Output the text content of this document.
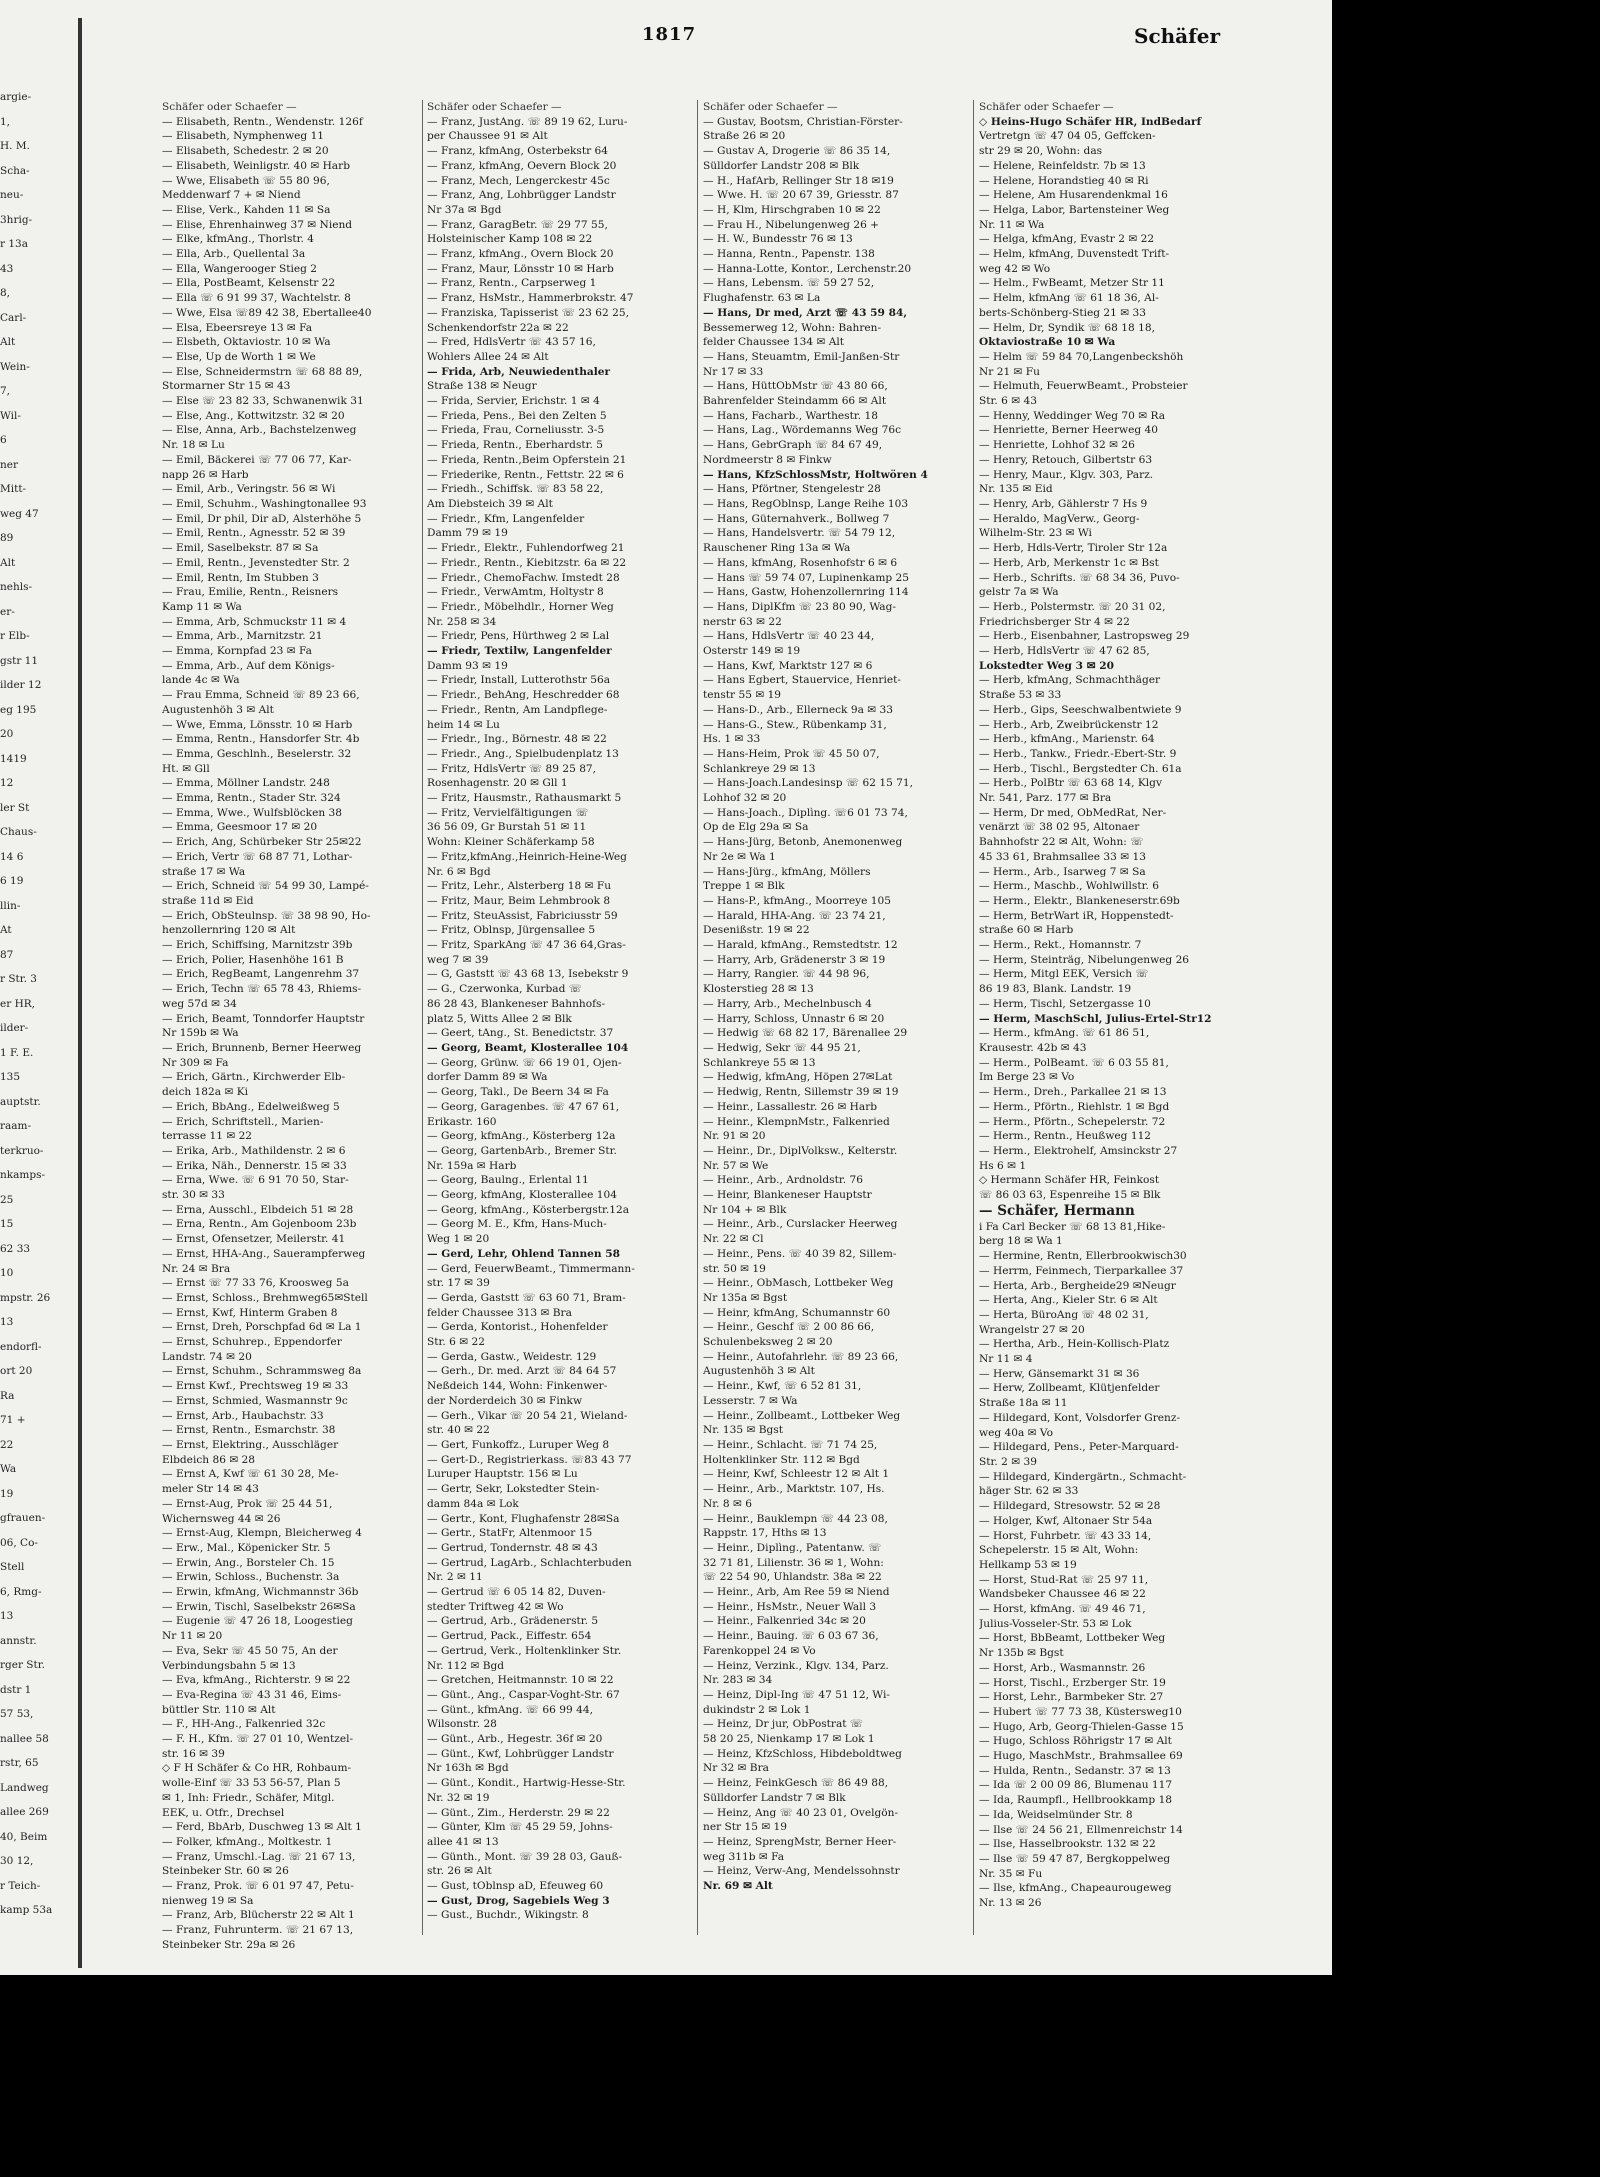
argie-
1,
H. M.
Scha-
neu-
3hrig-
r 13a
43
8,
Carl-
Alt
Wein-
7,
Wil-
6
ner
Mitt-
weg 47
89
Alt
nehls-
er-
r Elb-
gstr 11
ilder 12
eg 195
20
1419
12
ler St
Chaus-
14 6
6 19
llin-
At
87
r Str. 3
er HR,
ilder-
1 F. E.
135
auptstr.
raam-
terkruo-
nkamps-
25
15
62 33
10
mpstr. 26
13
endorfl-
ort 20
Ra
71 +
22
Wa
19
gfrauen-
06, Co-
Stell
6, Rmg-
13
annstr.
rger Str.
dstr 1
57 53,
nallee 58
rstr, 65
Landweg
allee 269
40, Beim
30 12,
r Teich-
kamp 53a
1817	Schäfer
Schäfer oder Schaefer —
— Elisabeth, Rentn., Wendenstr. 126f
— Elisabeth, Nymphenweg 11
— Elisabeth, Schedestr. 2 ✉ 20
— Elisabeth, Weinligstr. 40 ✉ Harb
— Wwe, Elisabeth ☏ 55 80 96,
Meddenwarf 7 + ✉ Niend
— Elise, Verk., Kahden 11 ✉ Sa
— Elise, Ehrenhainweg 37 ✉ Niend
— Elke, kfmAng., Thorlstr. 4
— Ella, Arb., Quellental 3a
— Ella, Wangerooger Stieg 2
— Ella, PostBeamt, Kelsenstr 22
— Ella ☏ 6 91 99 37, Wachtelstr. 8
— Wwe, Elsa ☏89 42 38, Ebertallee40
— Elsa, Ebeersreye 13 ✉ Fa
— Elsbeth, Oktaviostr. 10 ✉ Wa
— Else, Up de Worth 1 ✉ We
— Else, Schneidermstrn ☏ 68 88 89,
Stormarner Str 15 ✉ 43
— Else ☏ 23 82 33, Schwanenwik 31
— Else, Ang., Kottwitzstr. 32 ✉ 20
— Else, Anna, Arb., Bachstelzenweg
Nr. 18 ✉ Lu
— Emil, Bäckerei ☏ 77 06 77, Kar-
napp 26 ✉ Harb
— Emil, Arb., Veringstr. 56 ✉ Wi
— Emil, Schuhm., Washingtonallee 93
— Emil, Dr phil, Dir aD, Alsterhöhe 5
— Emil, Rentn., Agnesstr. 52 ✉ 39
— Emil, Saselbekstr. 87 ✉ Sa
— Emil, Rentn., Jevenstedter Str. 2
— Emil, Rentn, Im Stubben 3
— Frau, Emilie, Rentn., Reisners
Kamp 11 ✉ Wa
— Emma, Arb, Schmuckstr 11 ✉ 4
— Emma, Arb., Marnitzstr. 21
— Emma, Kornpfad 23 ✉ Fa
— Emma, Arb., Auf dem Königs-
lande 4c ✉ Wa
— Frau Emma, Schneid ☏ 89 23 66,
Augustenhöh 3 ✉ Alt
— Wwe, Emma, Lönsstr. 10 ✉ Harb
— Emma, Rentn., Hansdorfer Str. 4b
— Emma, Geschlnh., Beselerstr. 32
Ht. ✉ Gll
— Emma, Möllner Landstr. 248
— Emma, Rentn., Stader Str. 324
— Emma, Wwe., Wulfsblöcken 38
— Emma, Geesmoor 17 ✉ 20
— Erich, Ang, Schürbeker Str 25✉22
— Erich, Vertr ☏ 68 87 71, Lothar-
straße 17 ✉ Wa
— Erich, Schneid ☏ 54 99 30, Lampé-
straße 11d ✉ Eid
— Erich, ObSteulnsp. ☏ 38 98 90, Ho-
henzollernring 120 ✉ Alt
— Erich, Schiffsing, Marnitzstr 39b
— Erich, Polier, Hasenhöhe 161 B
— Erich, RegBeamt, Langenrehm 37
— Erich, Techn ☏ 65 78 43, Rhiems-
weg 57d ✉ 34
— Erich, Beamt, Tonndorfer Hauptstr
Nr 159b ✉ Wa
— Erich, Brunnenb, Berner Heerweg
Nr 309 ✉ Fa
— Erich, Gärtn., Kirchwerder Elb-
deich 182a ✉ Ki
— Erich, BbAng., Edelweißweg 5
— Erich, Schriftstell., Marien-
terrasse 11 ✉ 22
— Erika, Arb., Mathildenstr. 2 ✉ 6
— Erika, Näh., Dennerstr. 15 ✉ 33
— Erna, Wwe. ☏ 6 91 70 50, Star-
str. 30 ✉ 33
— Erna, Ausschl., Elbdeich 51 ✉ 28
— Erna, Rentn., Am Gojenboom 23b
— Ernst, Ofensetzer, Meilerstr. 41
— Ernst, HHA-Ang., Sauerampferweg
Nr. 24 ✉ Bra
— Ernst ☏ 77 33 76, Kroosweg 5a
— Ernst, Schloss., Brehmweg65✉Stell
— Ernst, Kwf, Hinterm Graben 8
— Ernst, Dreh, Porschpfad 6d ✉ La 1
— Ernst, Schuhrep., Eppendorfer
Landstr. 74 ✉ 20
— Ernst, Schuhm., Schrammsweg 8a
— Ernst Kwf., Prechtsweg 19 ✉ 33
— Ernst, Schmied, Wasmannstr 9c
— Ernst, Arb., Haubachstr. 33
— Ernst, Rentn., Esmarchstr. 38
— Ernst, Elektring., Ausschläger
Elbdeich 86 ✉ 28
— Ernst A, Kwf ☏ 61 30 28, Me-
meler Str 14 ✉ 43
— Ernst-Aug, Prok ☏ 25 44 51,
Wichernsweg 44 ✉ 26
— Ernst-Aug, Klempn, Bleicherweg 4
— Erw., Mal., Köpenicker Str. 5
— Erwin, Ang., Borsteler Ch. 15
— Erwin, Schloss., Buchenstr. 3a
— Erwin, kfmAng, Wichmannstr 36b
— Erwin, Tischl, Saselbekstr 26✉Sa
— Eugenie ☏ 47 26 18, Loogestieg
Nr 11 ✉ 20
— Eva, Sekr ☏ 45 50 75, An der
Verbindungsbahn 5 ✉ 13
— Eva, kfmAng., Richterstr. 9 ✉ 22
— Eva-Regina ☏ 43 31 46, Eims-
büttler Str. 110 ✉ Alt
— F., HH-Ang., Falkenried 32c
— F. H., Kfm. ☏ 27 01 10, Wentzel-
str. 16 ✉ 39
◇ F H Schäfer & Co HR, Rohbaum-
wolle-Einf ☏ 33 53 56-57, Plan 5
✉ 1, Inh: Friedr., Schäfer, Mitgl.
EEK, u. Otfr., Drechsel
— Ferd, BbArb, Duschweg 13 ✉ Alt 1
— Folker, kfmAng., Moltkestr. 1
— Franz, Umschl.-Lag. ☏ 21 67 13,
Steinbeker Str. 60 ✉ 26
— Franz, Prok. ☏ 6 01 97 47, Petu-
nienweg 19 ✉ Sa
— Franz, Arb, Blücherstr 22 ✉ Alt 1
— Franz, Fuhrunterm. ☏ 21 67 13,
Steinbeker Str. 29a ✉ 26
Schäfer oder Schaefer —
— Franz, JustAng. ☏ 89 19 62, Luru-
per Chaussee 91 ✉ Alt
— Franz, kfmAng, Osterbekstr 64
— Franz, kfmAng, Oevern Block 20
— Franz, Mech, Lengerckestr 45c
— Franz, Ang, Lohbrügger Landstr
Nr 37a ✉ Bgd
— Franz, GaragBetr. ☏ 29 77 55,
Holsteinischer Kamp 108 ✉ 22
— Franz, kfmAng., Overn Block 20
— Franz, Maur, Lönsstr 10 ✉ Harb
— Franz, Rentn., Carpserweg 1
— Franz, HsMstr., Hammerbrokstr. 47
— Franziska, Tapisserist ☏ 23 62 25,
Schenkendorfstr 22a ✉ 22
— Fred, HdlsVertr ☏ 43 57 16,
Wohlers Allee 24 ✉ Alt
— Frida, Arb, Neuwiedenthaler
Straße 138 ✉ Neugr
— Frida, Servier, Erichstr. 1 ✉ 4
— Frieda, Pens., Bei den Zelten 5
— Frieda, Frau, Corneliusstr. 3-5
— Frieda, Rentn., Eberhardstr. 5
— Frieda, Rentn.,Beim Opferstein 21
— Friederike, Rentn., Fettstr. 22 ✉ 6
— Friedh., Schiffsk. ☏ 83 58 22,
Am Diebsteich 39 ✉ Alt
— Friedr., Kfm, Langenfelder
Damm 79 ✉ 19
— Friedr., Elektr., Fuhlendorfweg 21
— Friedr., Rentn., Kiebitzstr. 6a ✉ 22
— Friedr., ChemoFachw. Imstedt 28
— Friedr., VerwAmtm, Holtystr 8
— Friedr., Möbelhdlr., Horner Weg
Nr. 258 ✉ 34
— Friedr, Pens, Hürthweg 2 ✉ Lal
— Friedr, Textilw, Langenfelder
Damm 93 ✉ 19
— Friedr, Install, Lutterothstr 56a
— Friedr., BehAng, Heschredder 68
— Friedr., Rentn, Am Landpflege-
heim 14 ✉ Lu
— Friedr., Ing., Börnestr. 48 ✉ 22
— Friedr., Ang., Spielbudenplatz 13
— Fritz, HdlsVertr ☏ 89 25 87,
Rosenhagenstr. 20 ✉ Gll 1
— Fritz, Hausmstr., Rathausmarkt 5
— Fritz, Vervielfältigungen ☏
36 56 09, Gr Burstah 51 ✉ 11
Wohn: Kleiner Schäferkamp 58
— Fritz,kfmAng.,Heinrich-Heine-Weg
Nr. 6 ✉ Bgd
— Fritz, Lehr., Alsterberg 18 ✉ Fu
— Fritz, Maur, Beim Lehmbrook 8
— Fritz, SteuAssist, Fabriciusstr 59
— Fritz, Oblnsp, Jürgensallee 5
— Fritz, SparkAng ☏ 47 36 64,Gras-
weg 7 ✉ 39
— G, Gaststt ☏ 43 68 13, Isebekstr 9
— G., Czerwonka, Kurbad ☏
86 28 43, Blankeneser Bahnhofs-
platz 5, Witts Allee 2 ✉ Blk
— Geert, tAng., St. Benedictstr. 37
— Georg, Beamt, Klosterallee 104
— Georg, Grünw. ☏ 66 19 01, Ojen-
dorfer Damm 89 ✉ Wa
— Georg, Takl., De Beern 34 ✉ Fa
— Georg, Garagenbes. ☏ 47 67 61,
Erikastr. 160
— Georg, kfmAng., Kösterberg 12a
— Georg, GartenbArb., Bremer Str.
Nr. 159a ✉ Harb
— Georg, Baulng., Erlental 11
— Georg, kfmAng, Klosterallee 104
— Georg, kfmAng., Kösterbergstr.12a
— Georg M. E., Kfm, Hans-Much-
Weg 1 ✉ 20
— Gerd, Lehr, Ohlend Tannen 58
— Gerd, FeuerwBeamt., Timmermann-
str. 17 ✉ 39
— Gerda, Gaststt ☏ 63 60 71, Bram-
felder Chaussee 313 ✉ Bra
— Gerda, Kontorist., Hohenfelder
Str. 6 ✉ 22
— Gerda, Gastw., Weidestr. 129
— Gerh., Dr. med. Arzt ☏ 84 64 57
Neßdeich 144, Wohn: Finkenwer-
der Norderdeich 30 ✉ Finkw
— Gerh., Vikar ☏ 20 54 21, Wieland-
str. 40 ✉ 22
— Gert, Funkoffz., Luruper Weg 8
— Gert-D., Registrierkass. ☏83 43 77
Luruper Hauptstr. 156 ✉ Lu
— Gertr, Sekr, Lokstedter Stein-
damm 84a ✉ Lok
— Gertr., Kont, Flughafenstr 28✉Sa
— Gertr., StatFr, Altenmoor 15
— Gertrud, Tondernstr. 48 ✉ 43
— Gertrud, LagArb., Schlachterbuden
Nr. 2 ✉ 11
— Gertrud ☏ 6 05 14 82, Duven-
stedter Triftweg 42 ✉ Wo
— Gertrud, Arb., Grädenerstr. 5
— Gertrud, Pack., Eiffestr. 654
— Gertrud, Verk., Holtenklinker Str.
Nr. 112 ✉ Bgd
— Gretchen, Heitmannstr. 10 ✉ 22
— Günt., Ang., Caspar-Voght-Str. 67
— Günt., kfmAng. ☏ 66 99 44,
Wilsonstr. 28
— Günt., Arb., Hegestr. 36f ✉ 20
— Günt., Kwf, Lohbrügger Landstr
Nr 163h ✉ Bgd
— Günt., Kondit., Hartwig-Hesse-Str.
Nr. 32 ✉ 19
— Günt., Zim., Herderstr. 29 ✉ 22
— Günter, Klm ☏ 45 29 59, Johns-
allee 41 ✉ 13
— Günth., Mont. ☏ 39 28 03, Gauß-
str. 26 ✉ Alt
— Gust, tOblnsp aD, Efeuweg 60
— Gust, Drog, Sagebiels Weg 3
— Gust., Buchdr., Wikingstr. 8
Schäfer oder Schaefer —
— Gustav, Bootsm, Christian-Förster-
Straße 26 ✉ 20
— Gustav A, Drogerie ☏ 86 35 14,
Sülldorfer Landstr 208 ✉ Blk
— H., HafArb, Rellinger Str 18 ✉19
— Wwe. H. ☏ 20 67 39, Griesstr. 87
— H, Klm, Hirschgraben 10 ✉ 22
— Frau H., Nibelungenweg 26 +
— H. W., Bundesstr 76 ✉ 13
— Hanna, Rentn., Papenstr. 138
— Hanna-Lotte, Kontor., Lerchenstr.20
— Hans, Lebensm. ☏ 59 27 52,
Flughafenstr. 63 ✉ La
— Hans, Dr med, Arzt ☏ 43 59 84,
Bessemerweg 12, Wohn: Bahren-
felder Chaussee 134 ✉ Alt
— Hans, Steuamtm, Emil-Janßen-Str
Nr 17 ✉ 33
— Hans, HüttObMstr ☏ 43 80 66,
Bahrenfelder Steindamm 66 ✉ Alt
— Hans, Facharb., Warthestr. 18
— Hans, Lag., Wördemanns Weg 76c
— Hans, GebrGraph ☏ 84 67 49,
Nordmeerstr 8 ✉ Finkw
— Hans, KfzSchlossMstr, Holtwören 4
— Hans, Pförtner, Stengelestr 28
— Hans, RegOblnsp, Lange Reihe 103
— Hans, Güternahverk., Bollweg 7
— Hans, Handelsvertr. ☏ 54 79 12,
Rauschener Ring 13a ✉ Wa
— Hans, kfmAng, Rosenhofstr 6 ✉ 6
— Hans ☏ 59 74 07, Lupinenkamp 25
— Hans, Gastw, Hohenzollernring 114
— Hans, DiplKfm ☏ 23 80 90, Wag-
nerstr 63 ✉ 22
— Hans, HdlsVertr ☏ 40 23 44,
Osterstr 149 ✉ 19
— Hans, Kwf, Marktstr 127 ✉ 6
— Hans Egbert, Stauervice, Henriet-
tenstr 55 ✉ 19
— Hans-D., Arb., Ellerneck 9a ✉ 33
— Hans-G., Stew., Rübenkamp 31,
Hs. 1 ✉ 33
— Hans-Heim, Prok ☏ 45 50 07,
Schlankreye 29 ✉ 13
— Hans-Joach.Landesinsp ☏ 62 15 71,
Lohhof 32 ✉ 20
— Hans-Joach., Diplìng. ☏6 01 73 74,
Op de Elg 29a ✉ Sa
— Hans-Jürg, Betonb, Anemonenweg
Nr 2e ✉ Wa 1
— Hans-Jürg., kfmAng, Möllers
Treppe 1 ✉ Blk
— Hans-P., kfmAng., Moorreye 105
— Harald, HHA-Ang. ☏ 23 74 21,
Desenißstr. 19 ✉ 22
— Harald, kfmAng., Remstedtstr. 12
— Harry, Arb, Grädenerstr 3 ✉ 19
— Harry, Rangier. ☏ 44 98 96,
Klosterstieg 28 ✉ 13
— Harry, Arb., Mechelnbusch 4
— Harry, Schloss, Unnastr 6 ✉ 20
— Hedwig ☏ 68 82 17, Bärenallee 29
— Hedwig, Sekr ☏ 44 95 21,
Schlankreye 55 ✉ 13
— Hedwig, kfmAng, Höpen 27✉Lat
— Hedwig, Rentn, Sillemstr 39 ✉ 19
— Heinr., Lassallestr. 26 ✉ Harb
— Heinr., KlempnMstr., Falkenried
Nr. 91 ✉ 20
— Heinr., Dr., DiplVolksw., Kelterstr.
Nr. 57 ✉ We
— Heinr., Arb., Ardnoldstr. 76
— Heinr, Blankeneser Hauptstr
Nr 104 + ✉ Blk
— Heinr., Arb., Curslacker Heerweg
Nr. 22 ✉ Cl
— Heinr., Pens. ☏ 40 39 82, Sillem-
str. 50 ✉ 19
— Heinr., ObMasch, Lottbeker Weg
Nr 135a ✉ Bgst
— Heinr, kfmAng, Schumannstr 60
— Heinr., Geschf ☏ 2 00 86 66,
Schulenbeksweg 2 ✉ 20
— Heinr., Autofahrlehr. ☏ 89 23 66,
Augustenhöh 3 ✉ Alt
— Heinr., Kwf, ☏ 6 52 81 31,
Lesserstr. 7 ✉ Wa
— Heinr., Zollbeamt., Lottbeker Weg
Nr. 135 ✉ Bgst
— Heinr., Schlacht. ☏ 71 74 25,
Holtenklinker Str. 112 ✉ Bgd
— Heinr, Kwf, Schleestr 12 ✉ Alt 1
— Heinr., Arb., Marktstr. 107, Hs.
Nr. 8 ✉ 6
— Heinr., Bauklempn ☏ 44 23 08,
Rappstr. 17, Hths ✉ 13
— Heinr., Diplìng., Patentanw. ☏
32 71 81, Lilienstr. 36 ✉ 1, Wohn:
☏ 22 54 90, Uhlandstr. 38a ✉ 22
— Heinr., Arb, Am Ree 59 ✉ Niend
— Heinr., HsMstr., Neuer Wall 3
— Heinr., Falkenried 34c ✉ 20
— Heinr., Bauing. ☏ 6 03 67 36,
Farenkoppel 24 ✉ Vo
— Heinz, Verzink., Klgv. 134, Parz.
Nr. 283 ✉ 34
— Heinz, Dipl-Ing ☏ 47 51 12, Wi-
dukindstr 2 ✉ Lok 1
— Heinz, Dr jur, ObPostrat ☏
58 20 25, Nienkamp 17 ✉ Lok 1
— Heinz, KfzSchloss, Hibdeboldtweg
Nr 32 ✉ Bra
— Heinz, FeinkGesch ☏ 86 49 88,
Sülldorfer Landstr 7 ✉ Blk
— Heinz, Ang ☏ 40 23 01, Ovelgön-
ner Str 15 ✉ 19
— Heinz, SprengMstr, Berner Heer-
weg 311b ✉ Fa
— Heinz, Verw-Ang, Mendelssohnstr
Nr. 69 ✉ Alt
Schäfer oder Schaefer —
◇ Heins-Hugo Schäfer HR, IndBedarf
Vertretgn ☏ 47 04 05, Geffcken-
str 29 ✉ 20, Wohn: das
— Helene, Reinfeldstr. 7b ✉ 13
— Helene, Horandstieg 40 ✉ Ri
— Helene, Am Husarendenkmal 16
— Helga, Labor, Bartensteiner Weg
Nr. 11 ✉ Wa
— Helga, kfmAng, Evastr 2 ✉ 22
— Helm, kfmAng, Duvenstedt Trift-
weg 42 ✉ Wo
— Helm., FwBeamt, Metzer Str 11
— Helm, kfmAng ☏ 61 18 36, Al-
berts-Schönberg-Stieg 21 ✉ 33
— Helm, Dr, Syndik ☏ 68 18 18,
Oktaviostraße 10 ✉ Wa
— Helm ☏ 59 84 70,Langenbeckshöh
Nr 21 ✉ Fu
— Helmuth, FeuerwBeamt., Probsteier
Str. 6 ✉ 43
— Henny, Weddinger Weg 70 ✉ Ra
— Henriette, Berner Heerweg 40
— Henriette, Lohhof 32 ✉ 26
— Henry, Retouch, Gilbertstr 63
— Henry, Maur., Klgv. 303, Parz.
Nr. 135 ✉ Eid
— Henry, Arb, Gählerstr 7 Hs 9
— Heraldo, MagVerw., Georg-
Wilhelm-Str. 23 ✉ Wi
— Herb, Hdls-Vertr, Tiroler Str 12a
— Herb, Arb, Merkenstr 1c ✉ Bst
— Herb., Schrifts. ☏ 68 34 36, Puvo-
gelstr 7a ✉ Wa
— Herb., Polstermstr. ☏ 20 31 02,
Friedrichsberger Str 4 ✉ 22
— Herb., Eisenbahner, Lastropsweg 29
— Herb, HdlsVertr ☏ 47 62 85,
Lokstedter Weg 3 ✉ 20
— Herb, kfmAng, Schmachthäger
Straße 53 ✉ 33
— Herb., Gips, Seeschwalbentwiete 9
— Herb., Arb, Zweibrückenstr 12
— Herb., kfmAng., Marienstr. 64
— Herb., Tankw., Friedr.-Ebert-Str. 9
— Herb., Tischl., Bergstedter Ch. 61a
— Herb., PolBtr ☏ 63 68 14, Klgv
Nr. 541, Parz. 177 ✉ Bra
— Herm, Dr med, ObMedRat, Ner-
venärzt ☏ 38 02 95, Altonaer
Bahnhofstr 22 ✉ Alt, Wohn: ☏
45 33 61, Brahmsallee 33 ✉ 13
— Herm., Arb., Isarweg 7 ✉ Sa
— Herm., Maschb., Wohlwillstr. 6
— Herm., Elektr., Blankeneserstr.69b
— Herm, BetrWart iR, Hoppenstedt-
straße 60 ✉ Harb
— Herm., Rekt., Homannstr. 7
— Herm, Steinträg, Nibelungenweg 26
— Herm, Mitgl EEK, Versich ☏
86 19 83, Blank. Landstr. 19
— Herm, Tischl, Setzergasse 10
— Herm, MaschSchl, Julius-Ertel-Str12
— Herm., kfmAng. ☏ 61 86 51,
Krausestr. 42b ✉ 43
— Herm., PolBeamt. ☏ 6 03 55 81,
Im Berge 23 ✉ Vo
— Herm., Dreh., Parkallee 21 ✉ 13
— Herm., Pförtn., Riehlstr. 1 ✉ Bgd
— Herm., Pförtn., Schepelerstr. 72
— Herm., Rentn., Heußweg 112
— Herm., Elektrohelf, Amsinckstr 27
Hs 6 ✉ 1
◇ Hermann Schäfer HR, Feinkost
☏ 86 03 63, Espenreihe 15 ✉ Blk
— Schäfer, Hermann
i Fa Carl Becker ☏ 68 13 81,Hike-
berg 18 ✉ Wa 1
— Hermine, Rentn, Ellerbrookwisch30
— Herrm, Feinmech, Tierparkallee 37
— Herta, Arb., Bergheide29 ✉Neugr
— Herta, Ang., Kieler Str. 6 ✉ Alt
— Herta, BüroAng ☏ 48 02 31,
Wrangelstr 27 ✉ 20
— Hertha, Arb., Hein-Kollisch-Platz
Nr 11 ✉ 4
— Herw, Gänsemarkt 31 ✉ 36
— Herw, Zollbeamt, Klütjenfelder
Straße 18a ✉ 11
— Hildegard, Kont, Volsdorfer Grenz-
weg 40a ✉ Vo
— Hildegard, Pens., Peter-Marquard-
Str. 2 ✉ 39
— Hildegard, Kindergärtn., Schmacht-
häger Str. 62 ✉ 33
— Hildegard, Stresowstr. 52 ✉ 28
— Holger, Kwf, Altonaer Str 54a
— Horst, Fuhrbetr. ☏ 43 33 14,
Schepelerstr. 15 ✉ Alt, Wohn:
Hellkamp 53 ✉ 19
— Horst, Stud-Rat ☏ 25 97 11,
Wandsbeker Chaussee 46 ✉ 22
— Horst, kfmAng. ☏ 49 46 71,
Julius-Vosseler-Str. 53 ✉ Lok
— Horst, BbBeamt, Lottbeker Weg
Nr 135b ✉ Bgst
— Horst, Arb., Wasmannstr. 26
— Horst, Tischl., Erzberger Str. 19
— Horst, Lehr., Barmbeker Str. 27
— Hubert ☏ 77 73 38, Küstersweg10
— Hugo, Arb, Georg-Thielen-Gasse 15
— Hugo, Schloss Röhrigstr 17 ✉ Alt
— Hugo, MaschMstr., Brahmsallee 69
— Hulda, Rentn., Sedanstr. 37 ✉ 13
— Ida ☏ 2 00 09 86, Blumenau 117
— Ida, Raumpfl., Hellbrookkamp 18
— Ida, Weidselmünder Str. 8
— Ilse ☏ 24 56 21, Ellmenreichstr 14
— Ilse, Hasselbrookstr. 132 ✉ 22
— Ilse ☏ 59 47 87, Bergkoppelweg
Nr. 35 ✉ Fu
— Ilse, kfmAng., Chapeaurougeweg
Nr. 13 ✉ 26
